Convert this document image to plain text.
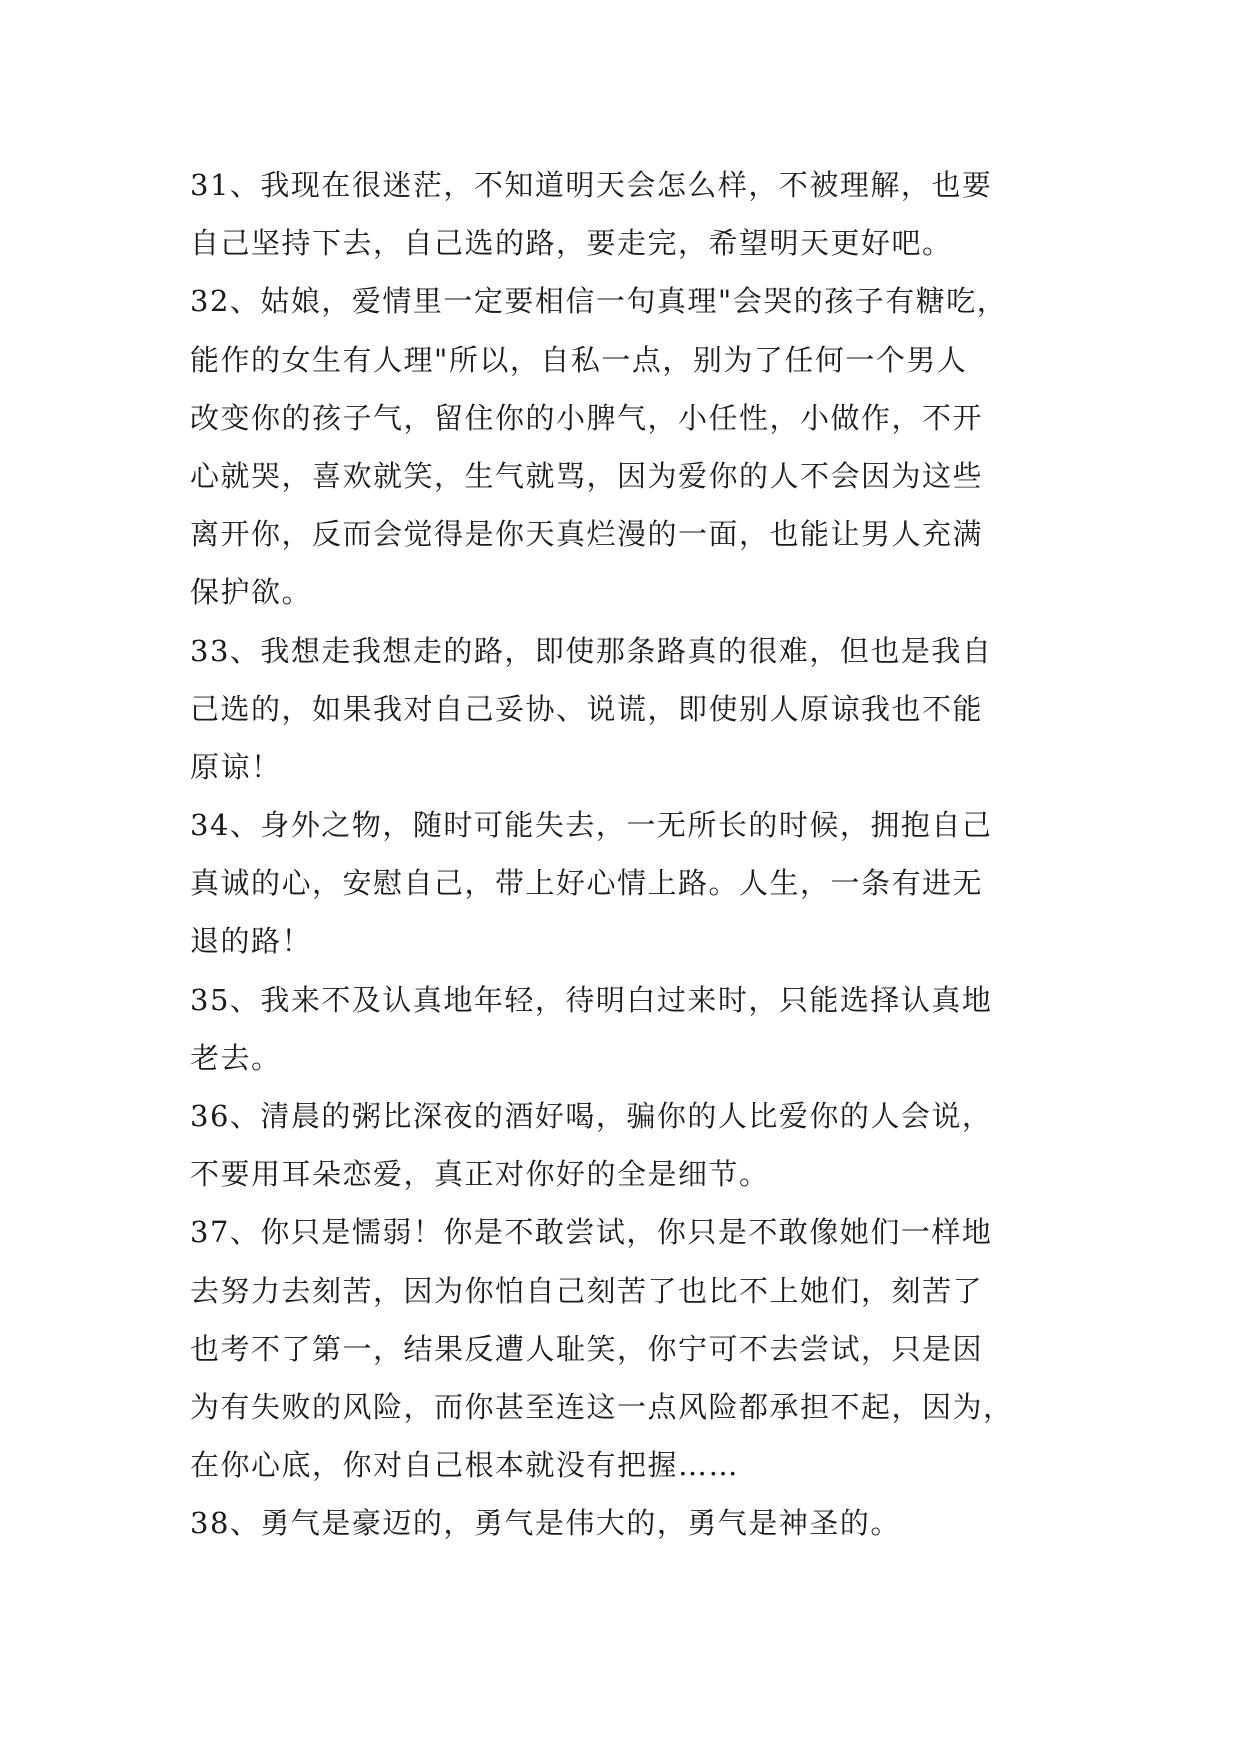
31、我现在很迷茫，不知道明天会怎么样，不被理解，也要
自己坚持下去，自己选的路，要走完，希望明天更好吧。
32、姑娘，爱情里一定要相信一句真理"会哭的孩子有糖吃，
能作的女生有人理"所以，自私一点，别为了任何一个男人
改变你的孩子气，留住你的小脾气，小任性，小做作，不开
心就哭，喜欢就笑，生气就骂，因为爱你的人不会因为这些
离开你，反而会觉得是你天真烂漫的一面，也能让男人充满
保护欲。
33、我想走我想走的路，即使那条路真的很难，但也是我自
己选的，如果我对自己妥协、说谎，即使别人原谅我也不能
原谅！
34、身外之物，随时可能失去，一无所长的时候，拥抱自己
真诚的心，安慰自己，带上好心情上路。人生，一条有进无
退的路！
35、我来不及认真地年轻，待明白过来时，只能选择认真地
老去。
36、清晨的粥比深夜的酒好喝，骗你的人比爱你的人会说，
不要用耳朵恋爱，真正对你好的全是细节。
37、你只是懦弱！你是不敢尝试，你只是不敢像她们一样地
去努力去刻苦，因为你怕自己刻苦了也比不上她们，刻苦了
也考不了第一，结果反遭人耻笑，你宁可不去尝试，只是因
为有失败的风险，而你甚至连这一点风险都承担不起，因为，
在你心底，你对自己根本就没有把握……
38、勇气是豪迈的，勇气是伟大的，勇气是神圣的。
